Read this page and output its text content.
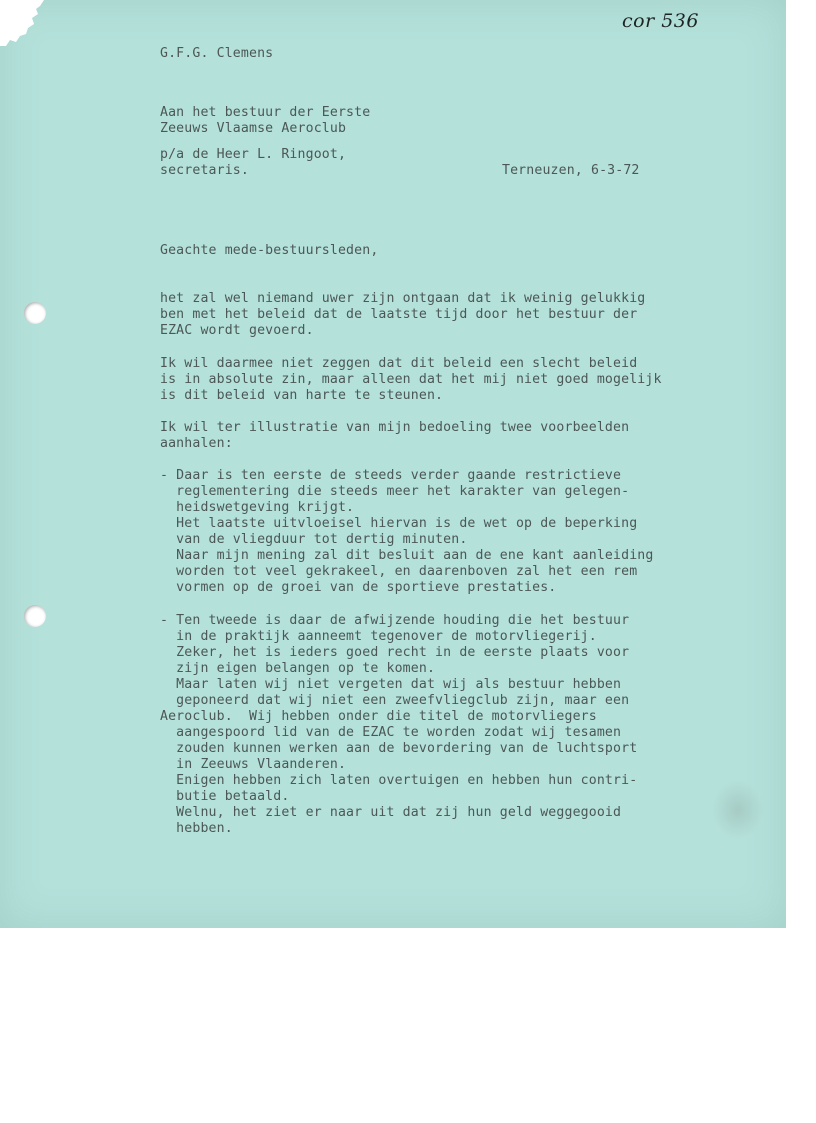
cor 536
G.F.G. Clemens
Aan het bestuur der Eerste
Zeeuws Vlaamse Aeroclub
p/a de Heer L. Ringoot,
secretaris.	Terneuzen, 6-3-72
Geachte mede-bestuursleden,
het zal wel niemand uwer zijn ontgaan dat ik weinig gelukkig
ben met het beleid dat de laatste tijd door het bestuur der
EZAC wordt gevoerd.
Ik wil daarmee niet zeggen dat dit beleid een slecht beleid
is in absolute zin, maar alleen dat het mij niet goed mogelijk
is dit beleid van harte te steunen.
Ik wil ter illustratie van mijn bedoeling twee voorbeelden
aanhalen:
- Daar is ten eerste de steeds verder gaande restrictieve
reglementering die steeds meer het karakter van gelegen-
heidswetgeving krijgt.
Het laatste uitvloeisel hiervan is de wet op de beperking
van de vliegduur tot dertig minuten.
Naar mijn mening zal dit besluit aan de ene kant aanleiding
worden tot veel gekrakeel, en daarenboven zal het een rem
vormen op de groei van de sportieve prestaties.
- Ten tweede is daar de afwijzende houding die het bestuur
in de praktijk aanneemt tegenover de motorvliegerij.
Zeker, het is ieders goed recht in de eerste plaats voor
zijn eigen belangen op te komen.
Maar laten wij niet vergeten dat wij als bestuur hebben
geponeerd dat wij niet een zweefvliegclub zijn, maar een
Aeroclub.  Wij hebben onder die titel de motorvliegers
aangespoord lid van de EZAC te worden zodat wij tesamen
zouden kunnen werken aan de bevordering van de luchtsport
in Zeeuws Vlaanderen.
Enigen hebben zich laten overtuigen en hebben hun contri-
butie betaald.
Welnu, het ziet er naar uit dat zij hun geld weggegooid
hebben.
